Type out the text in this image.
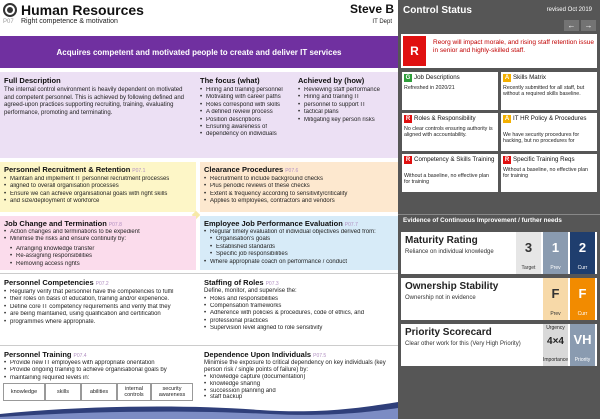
P07
Human Resources
Right competence & motivation
Steve B
IT Dept
Acquires competent and motivated people to create and deliver IT services
Full Description
The internal control environment is heavily dependent on motivated and competent personnel. This is achieved by following defined and agreed-upon practices supporting recruiting, training, evaluating performance, promoting and terminating.
The focus (what)
• Hiring and training personnel
• Motivating with career paths
• Roles correspond with skills
• A defined review process
• Position descriptions
• Ensuring awareness of
• dependency on individuals
Achieved by (how)
• Reviewing staff performance
• Hiring and training IT
• personnel to support IT
• tactical plans
• Mitigating key person risks
Personnel Recruitment & Retention P07.1
• Maintain and implement IT personnel recruitment processes
• aligned to overall organisation processes
• Ensure we can achieve organisational goals with right skills
• and size/deployment of workforce
Clearance Procedures P07.6
• Recruitment to include background checks
• Plus periodic reviews of these checks
• Extent & frequency according to sensitivity/criticality
• Applies to employees, contractors and vendors
Job Change and Termination P07.8
• Action changes and terminations to be expedient
• Minimise the risks and ensure continuity by:
• Arranging knowledge transfer
• Re-assigning responsibilities
• Removing access rights
Employee Job Performance Evaluation P07.7
• Regular timely evaluation of individual objectives derived from:
• Organisation's goals
• Established standards
• Specific job responsibilities
• Where appropriate coach on performance / conduct
Personnel Competencies P07.2
• Regularly verify that personnel have the competencies to fulfil
• their roles on basis of education, training and/or experience.
• Define core IT competency requirements and verify that they
• are being maintained, using qualification and certification
• programmes where appropriate.
Staffing of Roles P07.3
Define, monitor, and supervise the:
• Roles and responsibilities
• Compensation frameworks
• Adherence with policies & procedures, code of ethics, and
• professional practices
• Supervision level aligned to role sensitivity
Personnel Training P07.4
• Provide new IT employees with appropriate orientation
• Provide ongoing training to achieve organisational goals by
• maintaining required levels in:
knowledge	skills	abilities
internal controls
security awareness
Dependence Upon Individuals P07.5
Minimise the exposure to critical dependency on key individuals (key person risk / single points of failure) by:
• knowledge capture (documentation)
• knowledge sharing
• succession planning and
• staff backup
Control Status	revised Oct 2019
←	→
R
Reorg will impact morale, and rising staff retention issue in senior and highly-skilled staff.
G Job Descriptions
Refreshed in 2020/21
A Skills Matrix
Recently submitted for all staff, but without a required skills baseline.
R Roles & Responsibility
No clear controls ensuring authority is aligned with accountability.
A IT HR Policy & Procedures
We have security procedures for hacking, but no procedures for
R Competency & Skills Training
Without a baseline, no effective plan for training
R Specific Training Reqs
Without a baseline, no effective plan for training
Evidence of Continuous Improvement / further needs
Maturity Rating
Reliance on individual knowledge	3
Target
1
Prev
2
Curr
Ownership Stability
Ownership not in evidence	F
Prev
F
Curr
Priority Scorecard
Clear other work for this (Very High Priority)
Urgency
4×4
Importance
VH
Priority
